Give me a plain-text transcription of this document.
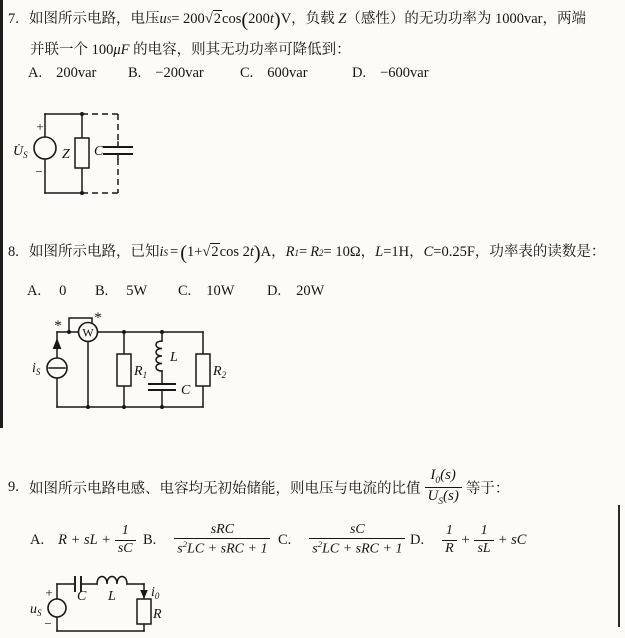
7. 如图所示电路，电压 u S = 200 √2 cos ( 200 t ) V ，负载 Z（感性）的无功功率为 1000var，两端
并联一个 100μF 的电容，则其无功功率可降低到：
A. 200var B. −200var	C. 600var	D. −600var
+
−
$U̇_S$ Z C
8. 如图所示电路，已知 i S = ( 1+ √2 cos 2 t ) A ， R 1 = R 2 = 10Ω， L =1H， C =0.25F， 功率表的读数是：
A. 0 B. 5W C. 10W D. 20W
$i_S$
W
* *
$R_1$
L
C
$R_2$
9. 如图所示电路电感、电容均无初始储能，则电压与电流的比值 $\frac{I_0(s)}{U_S(s)}$ 等于：
A. R + sL + $\frac{1}{sC} B$. $\frac{\text{sRC}}{s^2LC + sRC + 1} C$. $\frac{sC}{s^2LC + sRC + 1} D$. $\frac{1}{R} + \frac{1}{sL}$ + sC
+
−
$u_S$
C L	$i_0$
R
